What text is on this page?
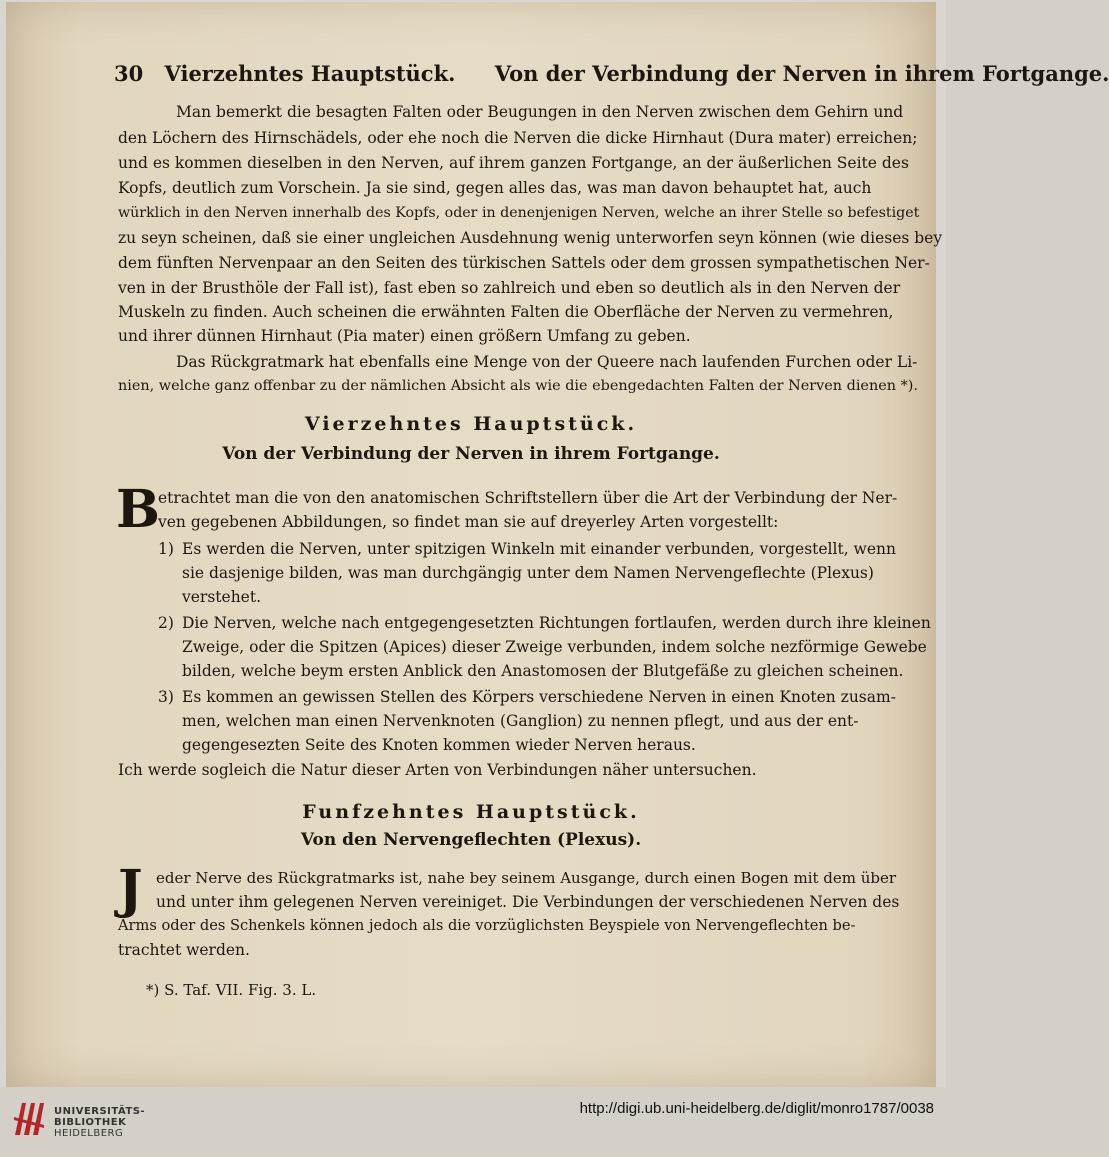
30 Vierzehntes Hauptstück. Von der Verbindung der Nerven in ihrem Fortgange.
Man bemerkt die besagten Falten oder Beugungen in den Nerven zwischen dem Gehirn und
den Löchern des Hirnschädels, oder ehe noch die Nerven die dicke Hirnhaut (Dura mater) erreichen;
und es kommen dieselben in den Nerven, auf ihrem ganzen Fortgange, an der äußerlichen Seite des
Kopfs, deutlich zum Vorschein. Ja sie sind, gegen alles das, was man davon behauptet hat, auch
würklich in den Nerven innerhalb des Kopfs, oder in denenjenigen Nerven, welche an ihrer Stelle so befestiget
zu seyn scheinen, daß sie einer ungleichen Ausdehnung wenig unterworfen seyn können (wie dieses bey
dem fünften Nervenpaar an den Seiten des türkischen Sattels oder dem grossen sympathetischen Ner-
ven in der Brusthöle der Fall ist), fast eben so zahlreich und eben so deutlich als in den Nerven der
Muskeln zu finden. Auch scheinen die erwähnten Falten die Oberfläche der Nerven zu vermehren,
und ihrer dünnen Hirnhaut (Pia mater) einen größern Umfang zu geben.
Das Rückgratmark hat ebenfalls eine Menge von der Queere nach laufenden Furchen oder Li-
nien, welche ganz offenbar zu der nämlichen Absicht als wie die ebengedachten Falten der Nerven dienen *).
Vierzehntes Hauptstück.
Von der Verbindung der Nerven in ihrem Fortgange.
B
etrachtet man die von den anatomischen Schriftstellern über die Art der Verbindung der Ner-
ven gegebenen Abbildungen, so findet man sie auf dreyerley Arten vorgestellt:
1) Es werden die Nerven, unter spitzigen Winkeln mit einander verbunden, vorgestellt, wenn
sie dasjenige bilden, was man durchgängig unter dem Namen Nervengeflechte (Plexus)
verstehet.
2) Die Nerven, welche nach entgegengesetzten Richtungen fortlaufen, werden durch ihre kleinen
Zweige, oder die Spitzen (Apices) dieser Zweige verbunden, indem solche nezförmige Gewebe
bilden, welche beym ersten Anblick den Anastomosen der Blutgefäße zu gleichen scheinen.
3) Es kommen an gewissen Stellen des Körpers verschiedene Nerven in einen Knoten zusam-
men, welchen man einen Nervenknoten (Ganglion) zu nennen pflegt, und aus der ent-
gegengesezten Seite des Knoten kommen wieder Nerven heraus.
Ich werde sogleich die Natur dieser Arten von Verbindungen näher untersuchen.
Funfzehntes Hauptstück.
Von den Nervengeflechten (Plexus).
J eder Nerve des Rückgratmarks ist, nahe bey seinem Ausgange, durch einen Bogen mit dem über
und unter ihm gelegenen Nerven vereiniget. Die Verbindungen der verschiedenen Nerven des
Arms oder des Schenkels können jedoch als die vorzüglichsten Beyspiele von Nervengeflechten be-
trachtet werden.
*) S. Taf. VII. Fig. 3. L.
UNIVERSITÄTS-
BIBLIOTHEK
HEIDELBERG
http://digi.ub.uni-heidelberg.de/diglit/monro1787/0038
